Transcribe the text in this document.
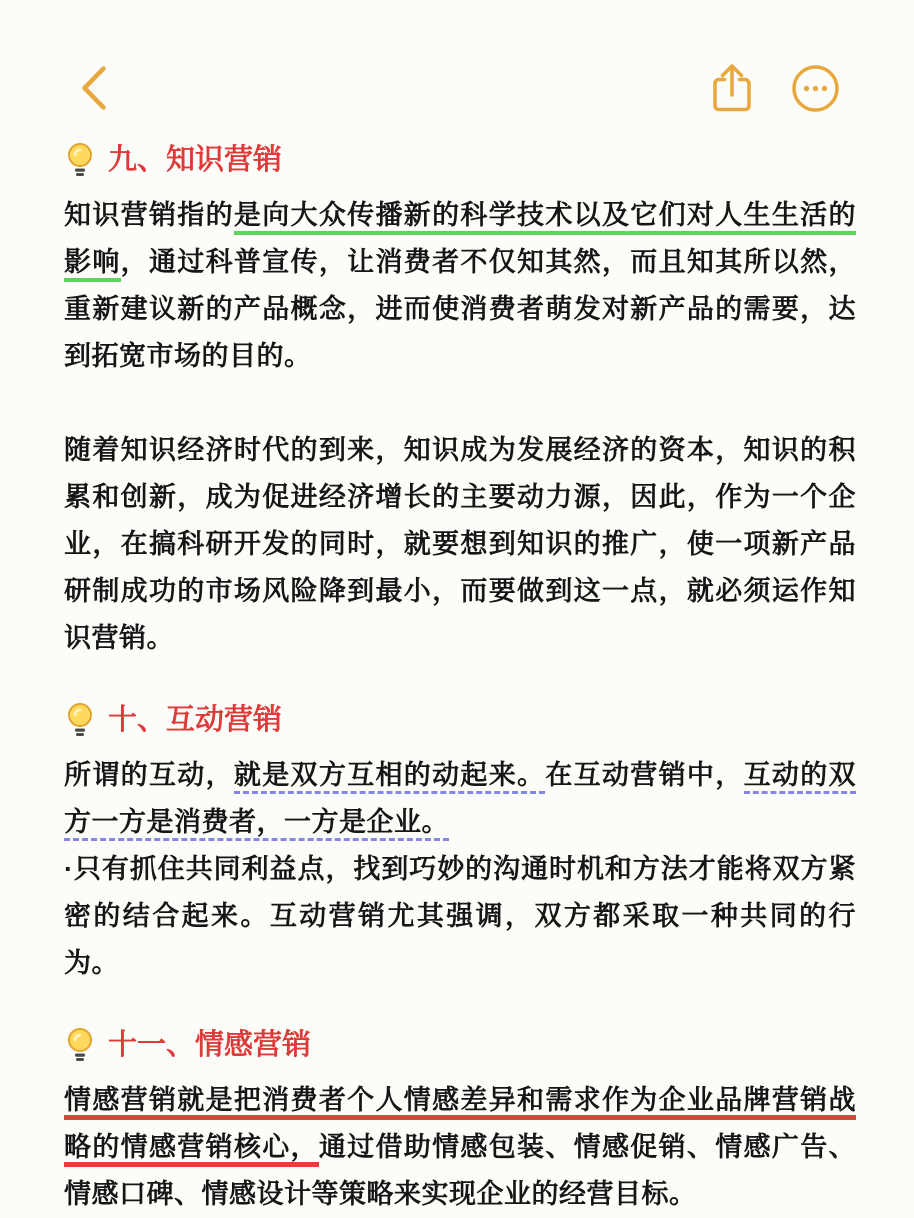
九、知识营销

知识营销指的是向大众传播新的科学技术以及它们对人生生活的影响，通过科普宣传，让消费者不仅知其然，而且知其所以然，重新建议新的产品概念，进而使消费者萌发对新产品的需要，达到拓宽市场的目的。

随着知识经济时代的到来，知识成为发展经济的资本，知识的积累和创新，成为促进经济增长的主要动力源，因此，作为一个企业，在搞科研开发的同时，就要想到知识的推广，使一项新产品研制成功的市场风险降到最小，而要做到这一点，就必须运作知识营销。

十、互动营销

所谓的互动，就是双方互相的动起来。在互动营销中，互动的双方一方是消费者，一方是企业。

·只有抓住共同利益点，找到巧妙的沟通时机和方法才能将双方紧密的结合起来。互动营销尤其强调，双方都采取一种共同的行为。

十一、情感营销

情感营销就是把消费者个人情感差异和需求作为企业品牌营销战略的情感营销核心，通过借助情感包装、情感促销、情感广告、情感口碑、情感设计等策略来实现企业的经营目标。
